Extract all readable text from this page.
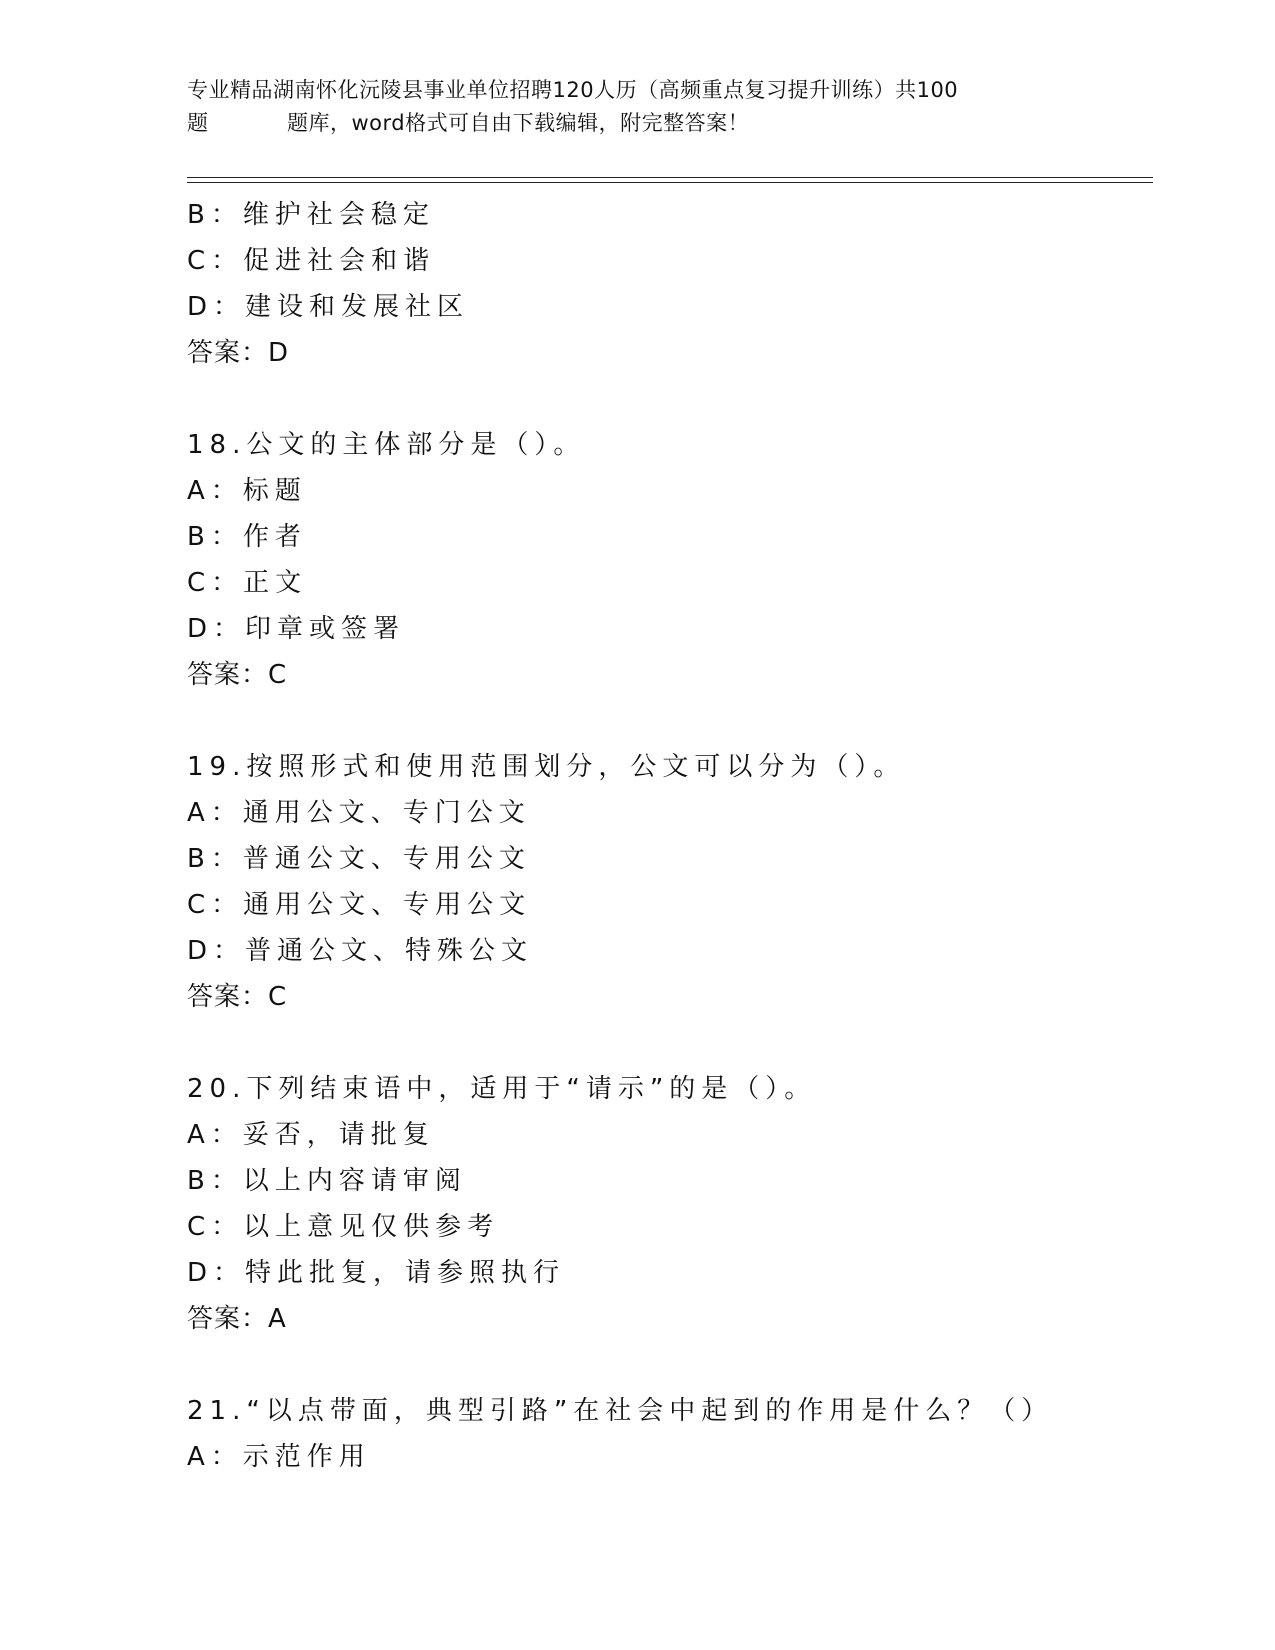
专业精品湖南怀化沅陵县事业单位招聘120人历（高频重点复习提升训练）共100
题	题库，word格式可自由下载编辑，附完整答案！
B：维护社会稳定
C：促进社会和谐
D：建设和发展社区
答案：D
18.公文的主体部分是（）。
A：标题
B：作者
C：正文
D：印章或签署
答案：C
19.按照形式和使用范围划分，公文可以分为（）。
A：通用公文、专门公文
B：普通公文、专用公文
C：通用公文、专用公文
D：普通公文、特殊公文
答案：C
20.下列结束语中，适用于“请示”的是（）。
A：妥否，请批复
B：以上内容请审阅
C：以上意见仅供参考
D：特此批复，请参照执行
答案：A
21.“以点带面，典型引路”在社会中起到的作用是什么？（）
A：示范作用
